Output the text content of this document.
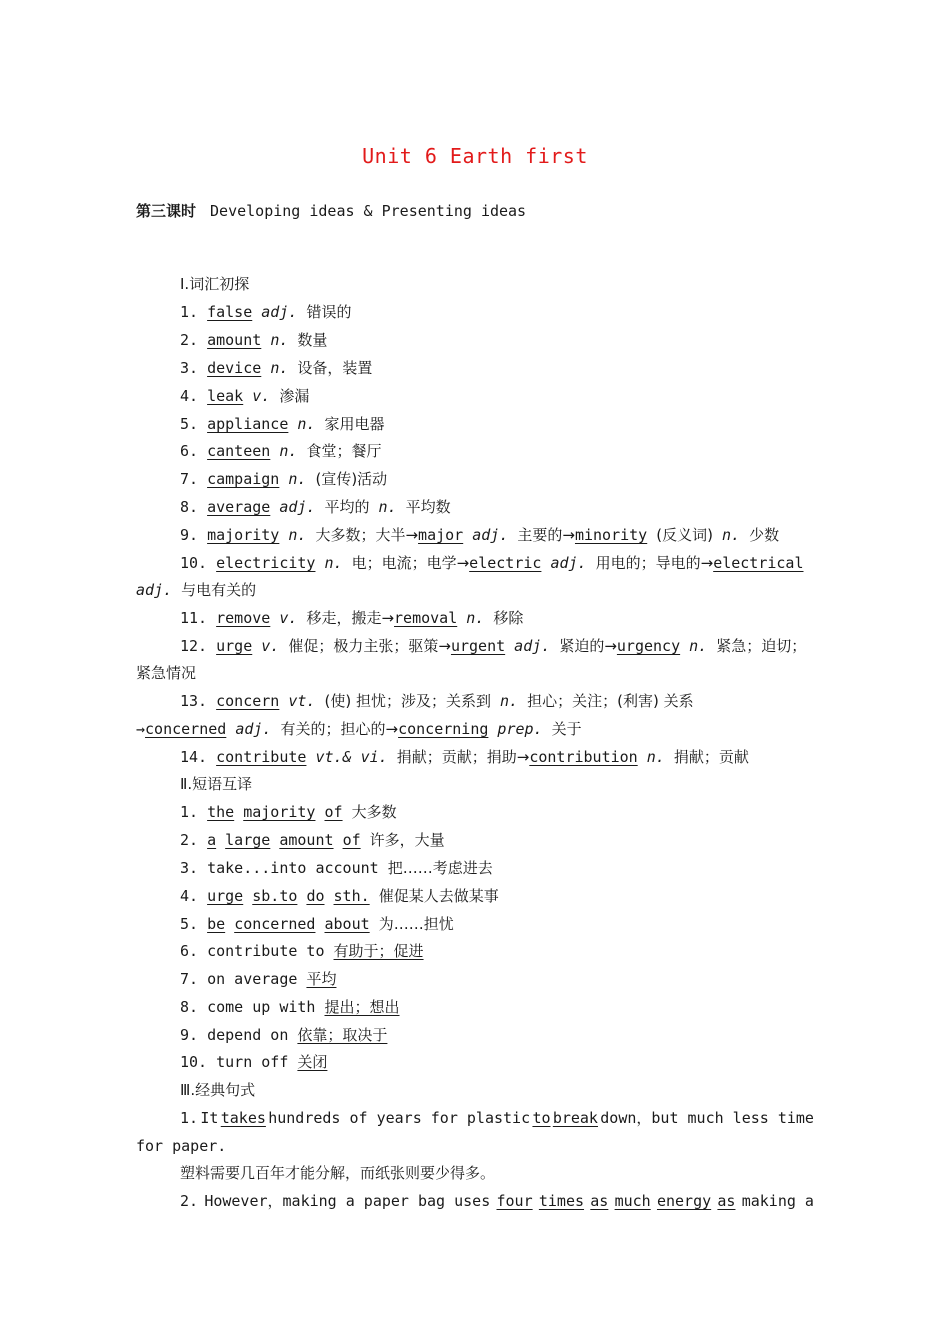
Unit 6 Earth first
第三课时 Developing ideas & Presenting ideas
Ⅰ.词汇初探
1. false adj. 错误的
2. amount n. 数量
3. device n. 设备，装置
4. leak v. 渗漏
5. appliance n. 家用电器
6. canteen n. 食堂；餐厅
7. campaign n. (宣传)活动
8. average adj. 平均的 n. 平均数
9. majority n. 大多数；大半→major adj. 主要的→minority (反义词) n. 少数
10. electricity n. 电；电流；电学→electric adj. 用电的；导电的→electrical
adj. 与电有关的
11. remove v. 移走，搬走→removal n. 移除
12. urge v. 催促；极力主张；驱策→urgent adj. 紧迫的→urgency n. 紧急；迫切；
紧急情况
13. concern vt. (使) 担忧；涉及；关系到 n. 担心；关注；(利害) 关系
→concerned adj. 有关的；担心的→concerning prep. 关于
14. contribute vt.& vi. 捐献；贡献；捐助→contribution n. 捐献；贡献
Ⅱ.短语互译
1. the majority of 大多数
2. a large amount of 许多，大量
3. take...into account 把……考虑进去
4. urge sb.to do sth. 催促某人去做某事
5. be concerned about 为……担忧
6. contribute to 有助于；促进
7. on average 平均
8. come up with 提出；想出
9. depend on 依靠；取决于
10. turn off 关闭
Ⅲ.经典句式
1. It takes hundreds of years for plastic to break down，but much less time
for paper.
塑料需要几百年才能分解，而纸张则要少得多。
2. However，making a paper bag uses four times as much energy as making a
